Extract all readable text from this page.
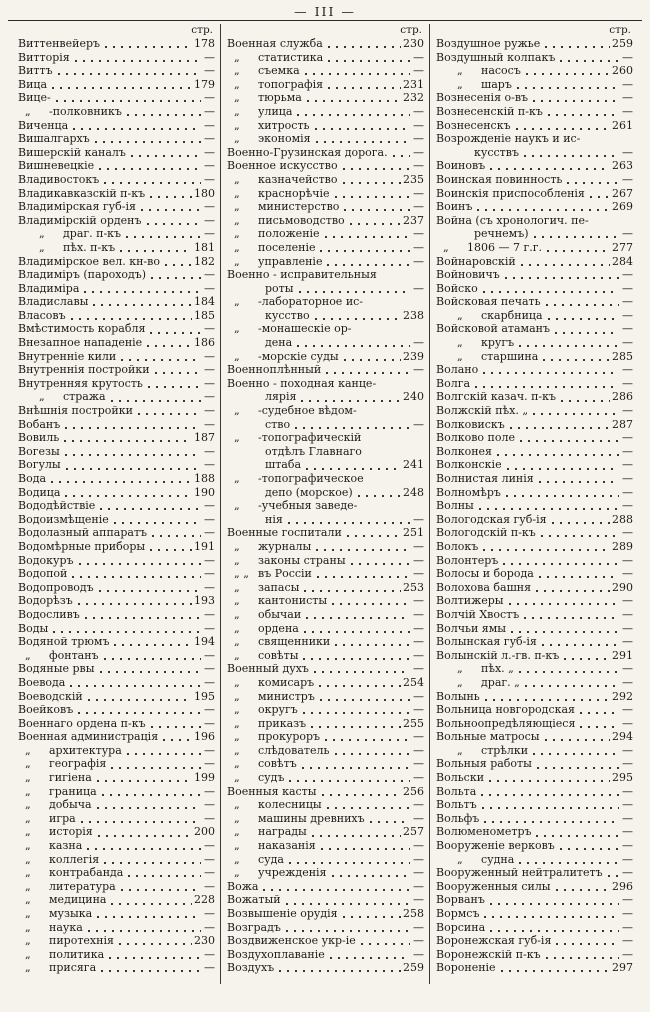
— III —
стр.
Виттенвейеръ	178
Витторія	—
Виттъ	—
Вица	179
Вице-	—
„	-полковникъ	—
Виченца	—
Вишалгархъ	—
Вишерскій каналъ	—
Вишневецкіе	—
Владивостокъ	—
Владикавказскій п-къ	180
Владимірская губ-ія	—
Владимірскій орденъ	—
„	драг. п-къ	—
„	пѣх. п-къ	181
Владимірское вел. кн-во	182
Владиміръ (пароходъ)	—
Владиміра	—
Владиславы	184
Власовъ	185
Вмѣстимость корабля	—
Внезапное нападеніе	186
Внутренніе кили	—
Внутреннія постройки	—
Внутренняя крутость	—
„	стража	—
Внѣшнія постройки	—
Вобанъ	—
Вовиль	187
Вогезы	—
Вогулы	—
Вода	188
Водица	190
Вододѣйствіе	—
Водоизмѣщеніе	—
Водолазный аппаратъ	—
Водомѣрные приборы	191
Водокуръ	—
Водопой	—
Водопроводъ	—
Водорѣзъ	193
Водосливъ	—
Воды	—
Водяной трюмъ	194
„	фонтанъ	—
Водяные рвы	—
Воевода	—
Воеводскій	195
Воейковъ	—
Военнаго ордена п-къ	—
Военная администрація	196
„	архитектура	—
„	географія	—
„	гигіена	199
„	граница	—
„	добыча	—
„	игра	—
„	исторія	200
„	казна	—
„	коллегія	—
„	контрабанда	—
„	литература	—
„	медицина	228
„	музыка	—
„	наука	—
„	пиротехнія	230
„	политика	—
„	присяга	—
стр.
Военная служба	230
„	статистика	—
„	съемка	—
„	топографія	231
„	тюрьма	232
„	улица	—
„	хитрость	—
„	экономія	—
Военно-Грузинская дорога. —
Военное искусство	—
„	казначейство	235
„	краснорѣчіе	—
„	министерство	—
„	письмоводство	237
„	положеніе	—
„	поселеніе	—
„	управленіе	—
Военно - исправительныя
роты	—
„	-лабораторное ис-
кусство	238
„	-монашескіе ор-
дена	—
„	-морскіе суды	239
Военноплѣнный	—
Военно - походная канце-
лярія	240
„	-судебное вѣдом-
ство	—
„	-топографическій
отдѣлъ Главнаго
штаба	241
„	-топографическое
депо (морское)	248
„	-учебныя заведе-
нія	—
Военные госпитали	251
„	журналы	—
„	законы страны	—
„ „ въ Россіи	—
„	запасы	253
„	кантонисты	—
„	обычаи	—
„	ордена	—
„	священники	—
„	совѣты	—
Военный духъ	—
„	комисаръ	254
„	министръ	—
„	округъ	—
„	приказъ	255
„	прокуроръ	—
„	слѣдователь	—
„	совѣтъ	—
„	судъ	—
Военныя касты	256
„	колесницы	—
„	машины древнихъ	—
„	награды	257
„	наказанія	—
„	суда	—
„	учрежденія	—
Вожа	—
Вожатый	—
Возвышеніе орудія	258
Возградъ	—
Воздвиженское укр-іе	—
Воздухоплаваніе	—
Воздухъ	259
стр.
Воздушное ружье	259
Воздушный колпакъ	—
„	насосъ	260
„	шаръ	—
Вознесенія о-въ	—
Вознесенскій п-къ	—
Вознесенскъ	261
Возрожденіе наукъ и ис-
кусствъ	—
Воиновъ	263
Воинская повинность	—
Воинскія приспособленія 267
Воинъ	269
Война (съ хронологич. пе-
речнемъ)	—
„	1806 — 7 г.г.	277
Войнаровскій	284
Войновичъ	—
Войско	—
Войсковая печать	—
„	скарбница	—
Войсковой атаманъ	—
„	кругъ	—
„	старшина	285
Волано	—
Волга	—
Волгскій казач. п-къ	286
Волжскій пѣх. „	—
Волковискъ	287
Волково поле	—
Волконея	—
Волконскіе	—
Волнистая линія	—
Волномѣръ	—
Волны	—
Вологодская губ-ія	288
Вологодскій п-къ	—
Волокъ	289
Волонтеръ	—
Волосы и борода	—
Волохова башня	290
Волтижеры	—
Волчій Хвостъ	—
Волчьи ямы	—
Волынская губ-ія	—
Волынскій л.-гв. п-къ	291
„	пѣх. „	—
„	драг. „	—
Волынь	292
Вольница новгородская	—
Вольноопредѣляющіеся	—
Вольные матросы	294
„	стрѣлки	—
Вольныя работы	—
Вольски	295
Вольта	—
Вольтъ	—
Вольфъ	—
Волюменометръ	—
Вооруженіе верковъ	—
„	судна	—
Вооруженный нейтралитетъ —
Вооруженныя силы	296
Ворванъ	—
Вормсъ	—
Ворсина	—
Воронежская губ-ія	—
Воронежскій п-къ	—
Вороненіе	297
